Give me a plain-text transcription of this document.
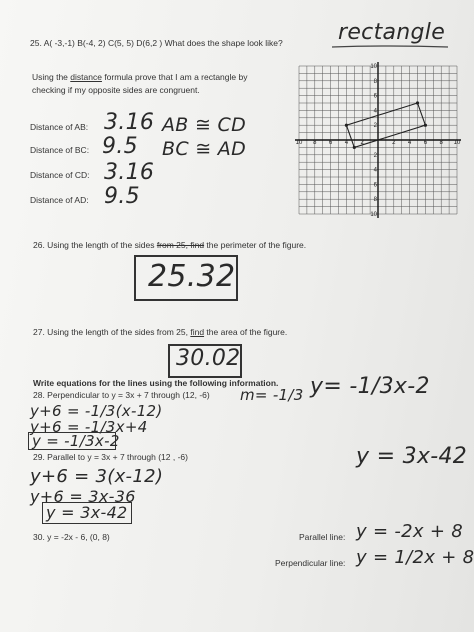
25. A( -3,-1) B(-4, 2) C(5, 5) D(6,2 ) What does the shape look like?	rectangle
Using the distance formula prove that I am a rectangle by
checking if my opposite sides are congruent.
Distance of AB: 3.16
Distance of BC: 9.5
Distance of CD: 3.16
Distance of AD: 9.5
AB ≅ CD
BC ≅ AD	10 8 6 4 2	2 4 6 8 10
10
8
6
4
2
2
4
6
8
10
26. Using the length of the sides from 25, find the perimeter of the figure.
25.32
27. Using the length of the sides from 25, find the area of the figure.
30.02
Write equations for the lines using the following information.
28. Perpendicular to y = 3x + 7 through (12, -6) m= -1/3
y+6 = -1/3(x-12)
y+6 = -1/3x+4
y = -1/3x-2
y= -1/3x-2
29. Parallel to y = 3x + 7 through (12 , -6)
y+6 = 3(x-12)
y+6 = 3x-36
y = 3x-42
y = 3x-42
30. y = -2x - 6, (0, 8)	Parallel line: y = -2x + 8
Perpendicular line: y = 1/2x + 8
